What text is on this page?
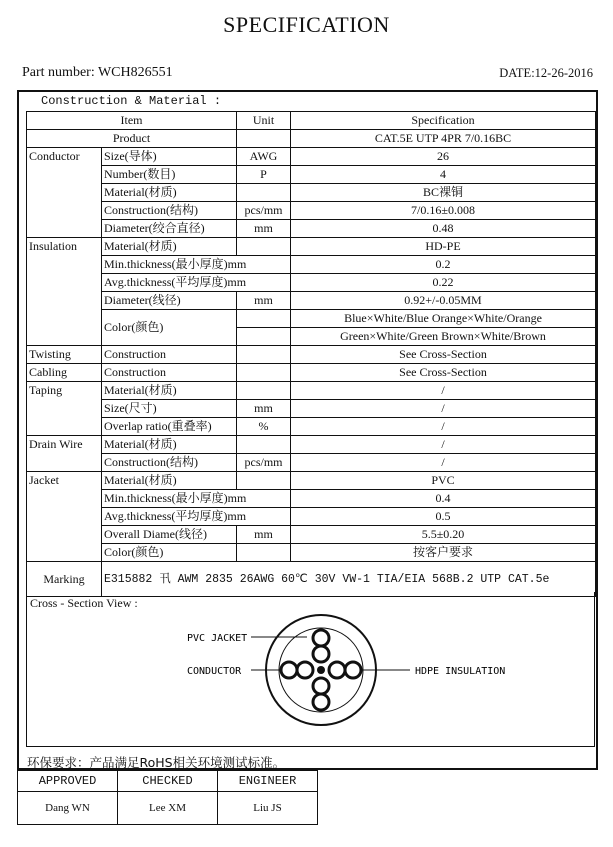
SPECIFICATION
Part number: WCH826551	DATE:12-26-2016
Construction & Material :
Item		Unit	Specification
Product			CAT.5E UTP 4PR 7/0.16BC
Conductor	Size(导体)	AWG	26
	Number(数目)	P	4
	Material(材质)		BC裸铜
	Construction(结构)	pcs/mm	7/0.16±0.008
	Diameter(绞合直径)	mm	0.48
Insulation	Material(材质)		HD-PE
	Min.thickness(最小厚度)mm		0.2
	Avg.thickness(平均厚度)mm		0.22
	Diameter(线径)	mm	0.92+/-0.05MM
	Color(颜色)		Blue×White/Blue Orange×White/Orange
			Green×White/Green Brown×White/Brown
Twisting	Construction		See Cross-Section
Cabling	Construction		See Cross-Section
Taping	Material(材质)		/
	Size(尺寸)	mm	/
	Overlap ratio(重叠率)	%	/
Drain Wire	Material(材质)		/
	Construction(结构)	pcs/mm	/
Jacket	Material(材质)		PVC
	Min.thickness(最小厚度)mm		0.4
	Avg.thickness(平均厚度)mm		0.5
	Overall Diame(线径)	mm	5.5±0.20
	Color(颜色)		按客户要求
Marking	E315882 卂 AWM 2835 26AWG 60℃ 30V VW-1 TIA/EIA 568B.2 UTP CAT.5e		
Cross - Section View :
PVC JACKET
CONDUCTOR	HDPE INSULATION
环保要求：产品满足RoHS相关环境测试标准。
APPROVED	CHECKED	ENGINEER
Dang WN	Lee XM	Liu JS
